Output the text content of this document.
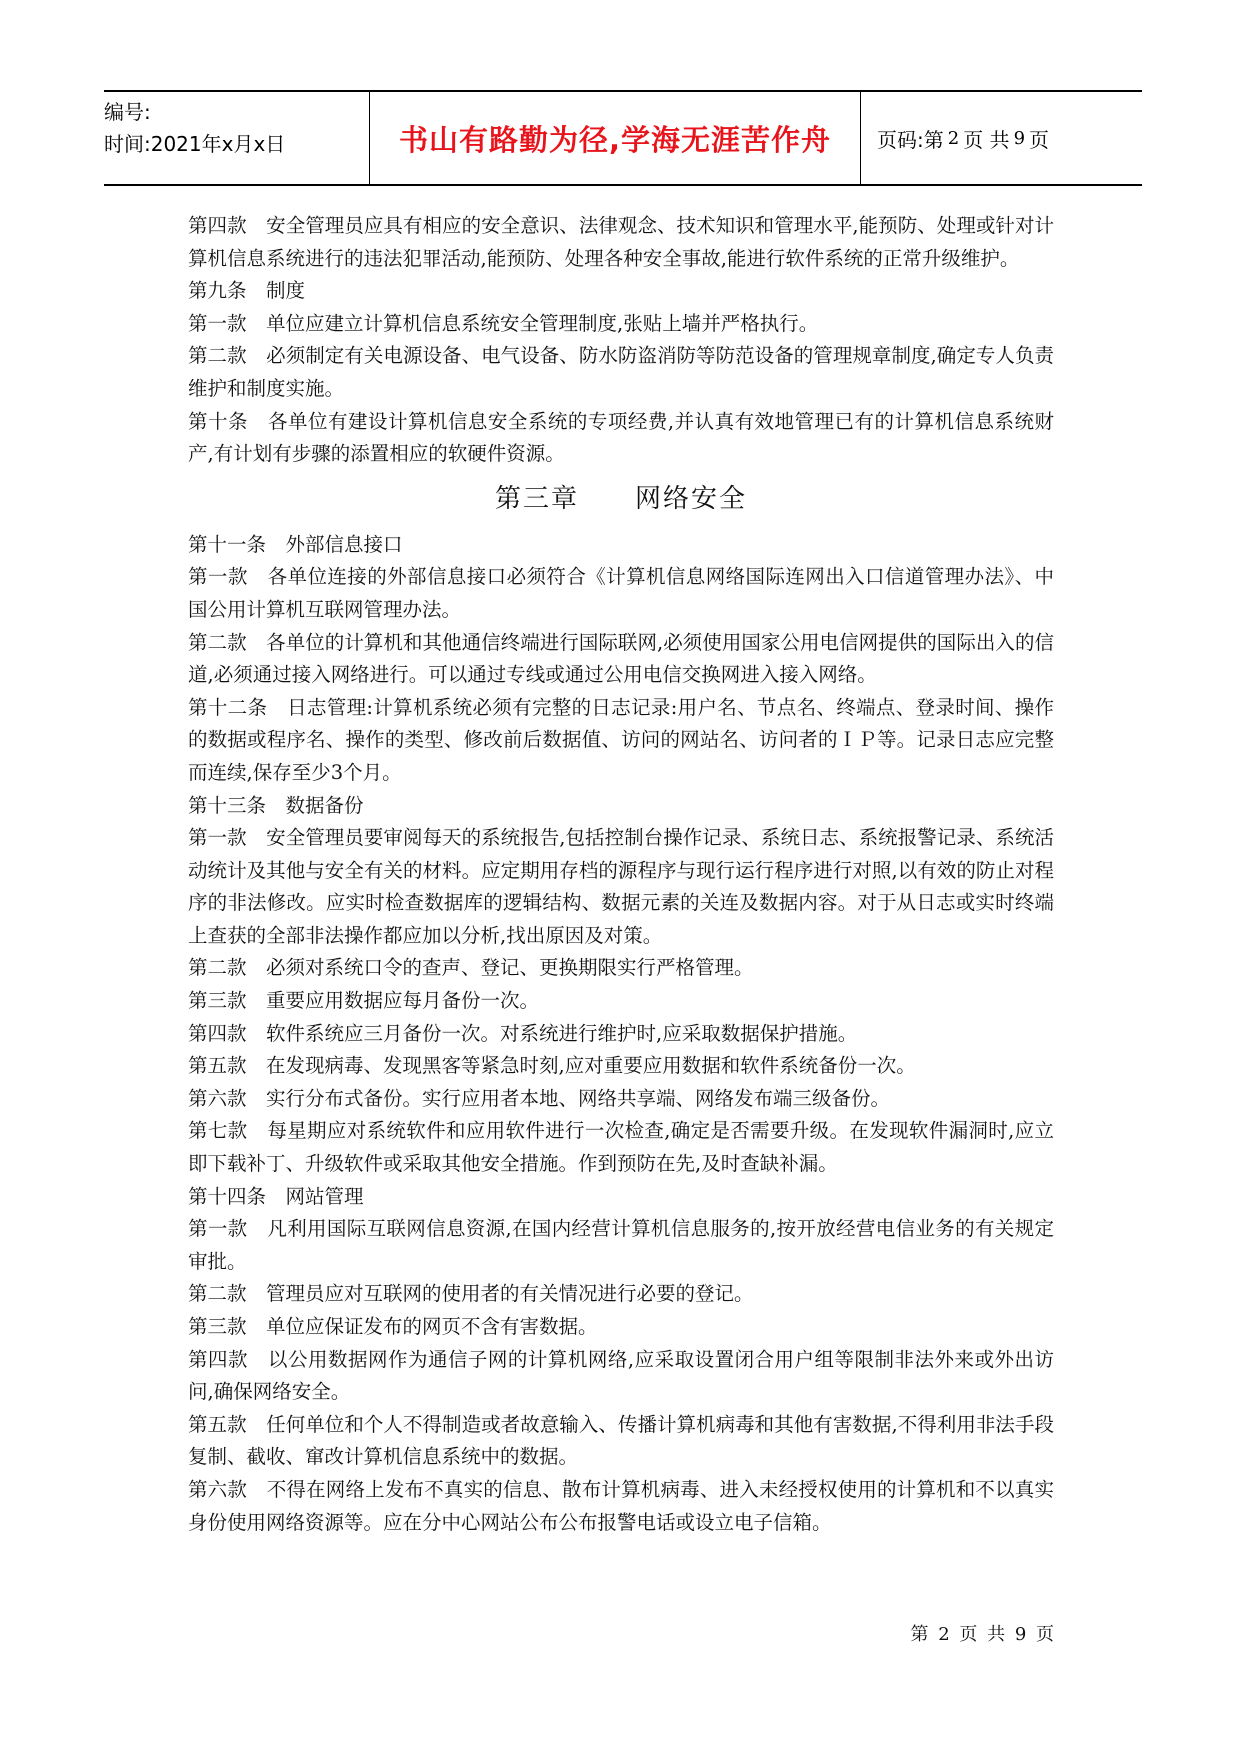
编号:
时间:2021年x月x日	书山有路勤为径,学海无涯苦作舟	页码:第 2 页 共 9 页

第四款　安全管理员应具有相应的安全意识、法律观念、技术知识和管理水平,能预防、处理或针对计算机信息系统进行的违法犯罪活动,能预防、处理各种安全事故,能进行软件系统的正常升级维护。

第九条　制度

第一款　单位应建立计算机信息系统安全管理制度,张贴上墙并严格执行。

第二款　必须制定有关电源设备、电气设备、防水防盗消防等防范设备的管理规章制度,确定专人负责维护和制度实施。

第十条　各单位有建设计算机信息安全系统的专项经费,并认真有效地管理已有的计算机信息系统财产,有计划有步骤的添置相应的软硬件资源。

第三章　　网络安全

第十一条　外部信息接口

第一款　各单位连接的外部信息接口必须符合《计算机信息网络国际连网出入口信道管理办法》、中国公用计算机互联网管理办法。

第二款　各单位的计算机和其他通信终端进行国际联网,必须使用国家公用电信网提供的国际出入的信道,必须通过接入网络进行。可以通过专线或通过公用电信交换网进入接入网络。

第十二条　日志管理:计算机系统必须有完整的日志记录:用户名、节点名、终端点、登录时间、操作的数据或程序名、操作的类型、修改前后数据值、访问的网站名、访问者的ＩＰ等。记录日志应完整而连续,保存至少3个月。

第十三条　数据备份

第一款　安全管理员要审阅每天的系统报告,包括控制台操作记录、系统日志、系统报警记录、系统活动统计及其他与安全有关的材料。应定期用存档的源程序与现行运行程序进行对照,以有效的防止对程序的非法修改。应实时检查数据库的逻辑结构、数据元素的关连及数据内容。对于从日志或实时终端上查获的全部非法操作都应加以分析,找出原因及对策。

第二款　必须对系统口令的查声、登记、更换期限实行严格管理。

第三款　重要应用数据应每月备份一次。

第四款　软件系统应三月备份一次。对系统进行维护时,应采取数据保护措施。

第五款　在发现病毒、发现黑客等紧急时刻,应对重要应用数据和软件系统备份一次。

第六款　实行分布式备份。实行应用者本地、网络共享端、网络发布端三级备份。

第七款　每星期应对系统软件和应用软件进行一次检查,确定是否需要升级。在发现软件漏洞时,应立即下载补丁、升级软件或采取其他安全措施。作到预防在先,及时查缺补漏。

第十四条　网站管理

第一款　凡利用国际互联网信息资源,在国内经营计算机信息服务的,按开放经营电信业务的有关规定审批。

第二款　管理员应对互联网的使用者的有关情况进行必要的登记。

第三款　单位应保证发布的网页不含有害数据。

第四款　以公用数据网作为通信子网的计算机网络,应采取设置闭合用户组等限制非法外来或外出访问,确保网络安全。

第五款　任何单位和个人不得制造或者故意输入、传播计算机病毒和其他有害数据,不得利用非法手段复制、截收、窜改计算机信息系统中的数据。

第六款　不得在网络上发布不真实的信息、散布计算机病毒、进入未经授权使用的计算机和不以真实身份使用网络资源等。应在分中心网站公布公布报警电话或设立电子信箱。

第 2 页 共 9 页
